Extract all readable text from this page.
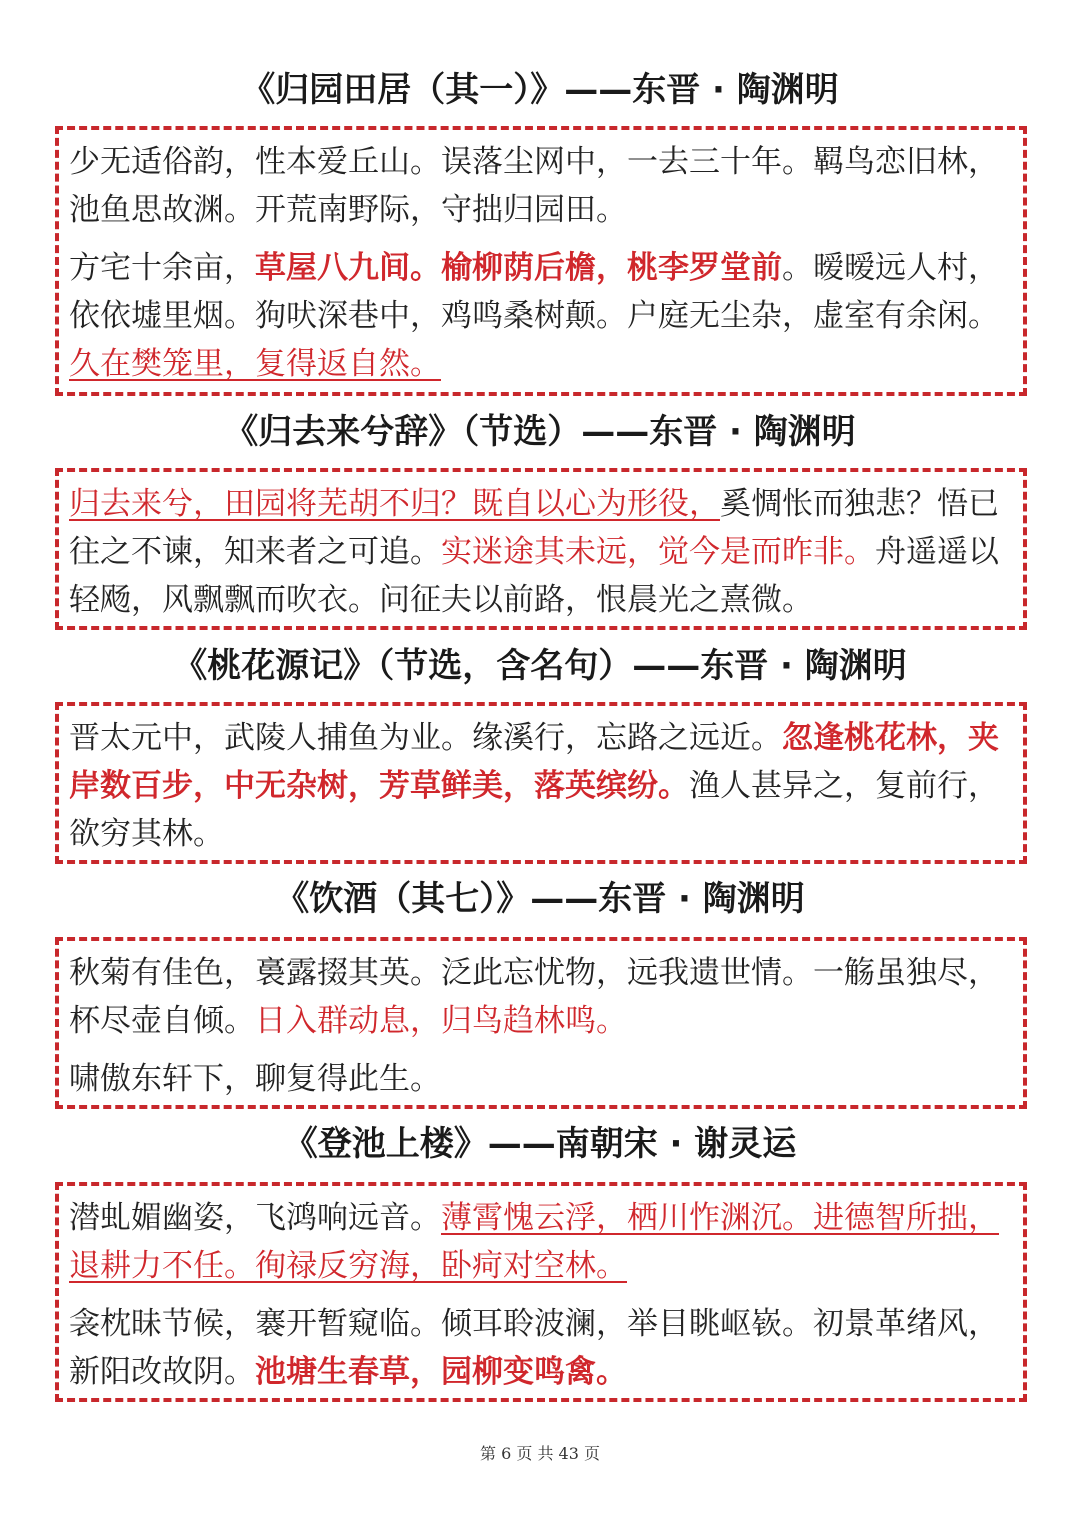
《归园田居（其一）》——东晋 · 陶渊明
少无适俗韵，性本爱丘山。误落尘网中，一去三十年。羁鸟恋旧林，池鱼思故渊。开荒南野际，守拙归园田。
方宅十余亩，草屋八九间。榆柳荫后檐，桃李罗堂前。暧暧远人村，依依墟里烟。狗吠深巷中，鸡鸣桑树颠。户庭无尘杂，虚室有余闲。久在樊笼里，复得返自然。
《归去来兮辞》（节选）——东晋 · 陶渊明
归去来兮，田园将芜胡不归？既自以心为形役，奚惆怅而独悲？悟已往之不谏，知来者之可追。实迷途其未远，觉今是而昨非。舟遥遥以轻飏，风飘飘而吹衣。问征夫以前路，恨晨光之熹微。
《桃花源记》（节选，含名句）——东晋 · 陶渊明
晋太元中，武陵人捕鱼为业。缘溪行，忘路之远近。忽逢桃花林，夹岸数百步，中无杂树，芳草鲜美，落英缤纷。渔人甚异之，复前行，欲穷其林。
《饮酒（其七）》——东晋 · 陶渊明
秋菊有佳色，裛露掇其英。泛此忘忧物，远我遗世情。一觞虽独尽，杯尽壶自倾。日入群动息，归鸟趋林鸣。
啸傲东轩下，聊复得此生。
《登池上楼》——南朝宋 · 谢灵运
潜虬媚幽姿，飞鸿响远音。薄霄愧云浮，栖川怍渊沉。进德智所拙，退耕力不任。徇禄反穷海，卧疴对空林。
衾枕昧节候，褰开暂窥临。倾耳聆波澜，举目眺岖嵚。初景革绪风，新阳改故阴。池塘生春草，园柳变鸣禽。
第 6 页 共 43 页
